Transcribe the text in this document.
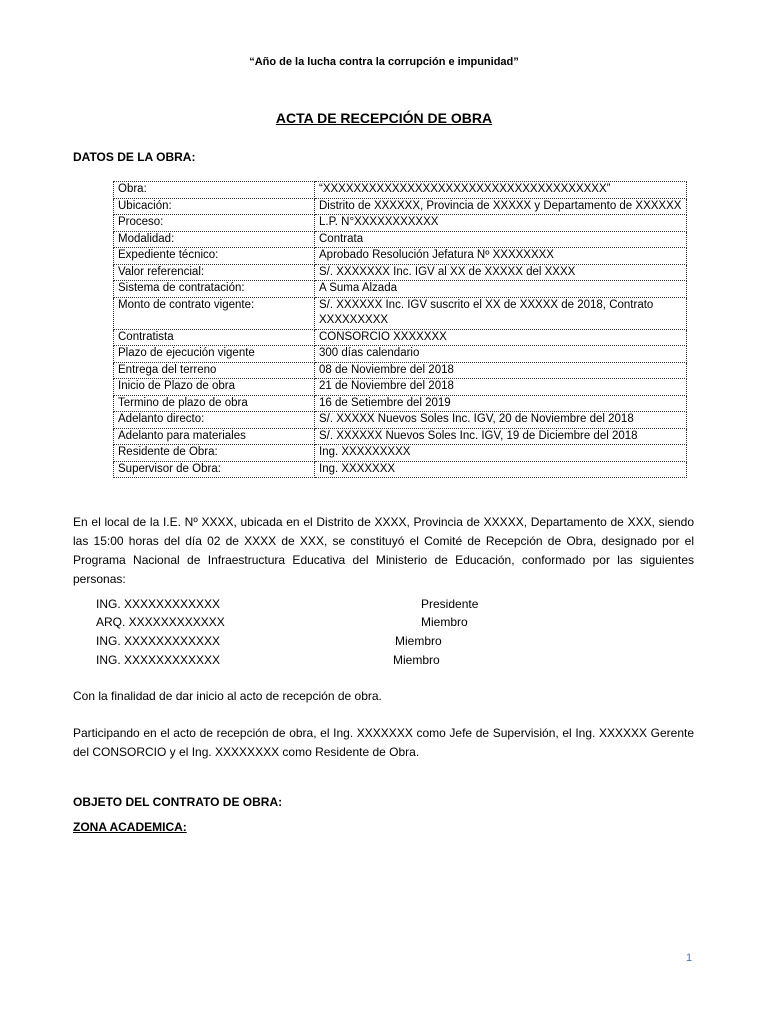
“Año de la lucha contra la corrupción e impunidad”
ACTA DE RECEPCIÓN DE OBRA
DATOS DE LA OBRA:
Obra:	“XXXXXXXXXXXXXXXXXXXXXXXXXXXXXXXXXXXXX”
Ubicación:	Distrito de XXXXXX, Provincia de XXXXX y Departamento de XXXXXX
Proceso:	L.P. N°XXXXXXXXXXX
Modalidad:	Contrata
Expediente técnico:	Aprobado Resolución Jefatura Nº XXXXXXXX
Valor referencial:	S/. XXXXXXX Inc. IGV al XX de XXXXX del XXXX
Sistema de contratación:	A Suma Alzada
Monto de contrato vigente:	S/. XXXXXX Inc. IGV suscrito el XX de XXXXX de 2018, Contrato XXXXXXXXX
Contratista	CONSORCIO XXXXXXX
Plazo de ejecución vigente	300 días calendario
Entrega del terreno	08 de Noviembre del 2018
Inicio de Plazo de obra	21 de Noviembre del 2018
Termino de plazo de obra	16 de Setiembre del 2019
Adelanto directo:	S/. XXXXX Nuevos Soles Inc. IGV, 20 de Noviembre del 2018
Adelanto para materiales	S/. XXXXXX Nuevos Soles Inc. IGV, 19 de Diciembre del 2018
Residente de Obra:	Ing. XXXXXXXXX
Supervisor de Obra:	Ing. XXXXXXX
En el local de la I.E. Nº XXXX, ubicada en el Distrito de XXXX, Provincia de XXXXX, Departamento de XXX, siendo las 15:00 horas del día 02 de XXXX de XXX, se constituyó el Comité de Recepción de Obra, designado por el Programa Nacional de Infraestructura Educativa del Ministerio de Educación, conformado por las siguientes personas:
ING. XXXXXXXXXXXX	Presidente
ARQ. XXXXXXXXXXXX	Miembro
ING. XXXXXXXXXXXX	Miembro
ING. XXXXXXXXXXXX	Miembro
Con la finalidad de dar inicio al acto de recepción de obra.
Participando en el acto de recepción de obra, el Ing. XXXXXXX como Jefe de Supervisión, el Ing. XXXXXX Gerente del CONSORCIO y el Ing. XXXXXXXX como Residente de Obra.
OBJETO DEL CONTRATO DE OBRA:
ZONA ACADEMICA:
1
